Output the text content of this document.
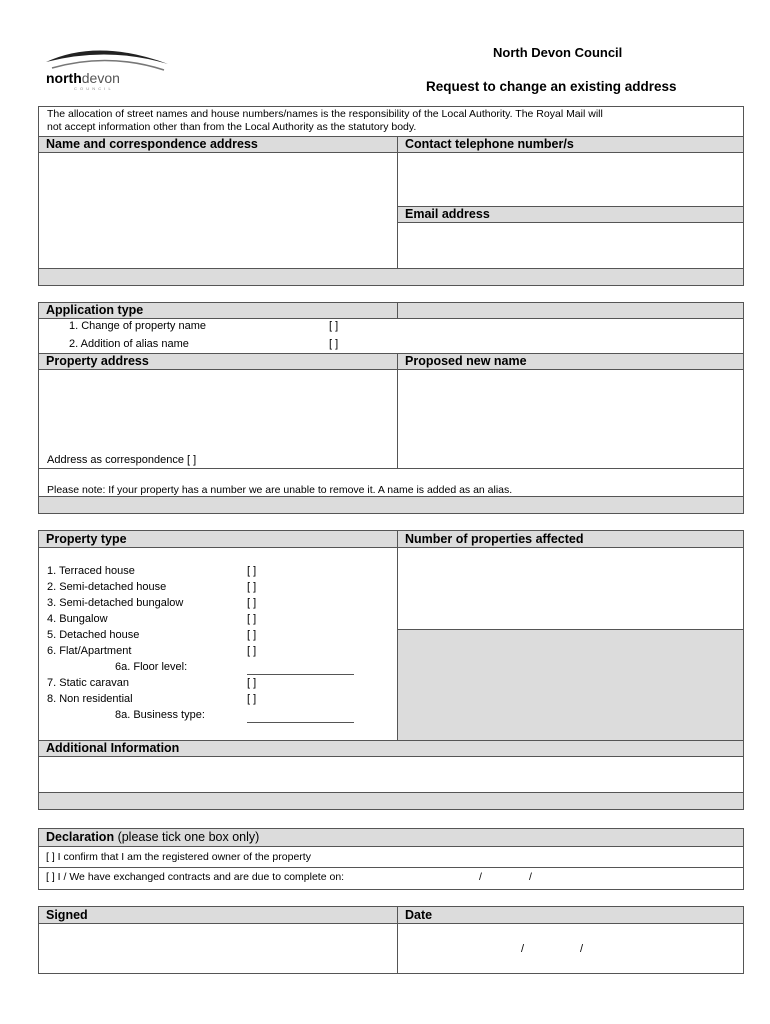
northdevon
C O U N C I L
North Devon Council
Request to change an existing address
The allocation of street names and house numbers/names is the responsibility of the Local Authority. The Royal Mail will
not accept information other than from the Local Authority as the statutory body.
Name and correspondence address	Contact telephone number/s
Email address
Application type
1. Change of property name	[ ]
2. Addition of alias name	[ ]
Property address	Proposed new name
Address as correspondence [ ]
Please note: If your property has a number we are unable to remove it. A name is added as an alias.
Property type	Number of properties affected
1. Terraced house	[ ]
2. Semi-detached house	[ ]
3. Semi-detached bungalow	[ ]
4. Bungalow	[ ]
5. Detached house	[ ]
6. Flat/Apartment	[ ]
6a. Floor level:
7. Static caravan	[ ]
8. Non residential	[ ]
8a. Business type:
Additional Information
Declaration (please tick one box only)
[ ] I confirm that I am the registered owner of the property
[ ] I / We have exchanged contracts and are due to complete on:	/	/
Signed	Date
/	/
